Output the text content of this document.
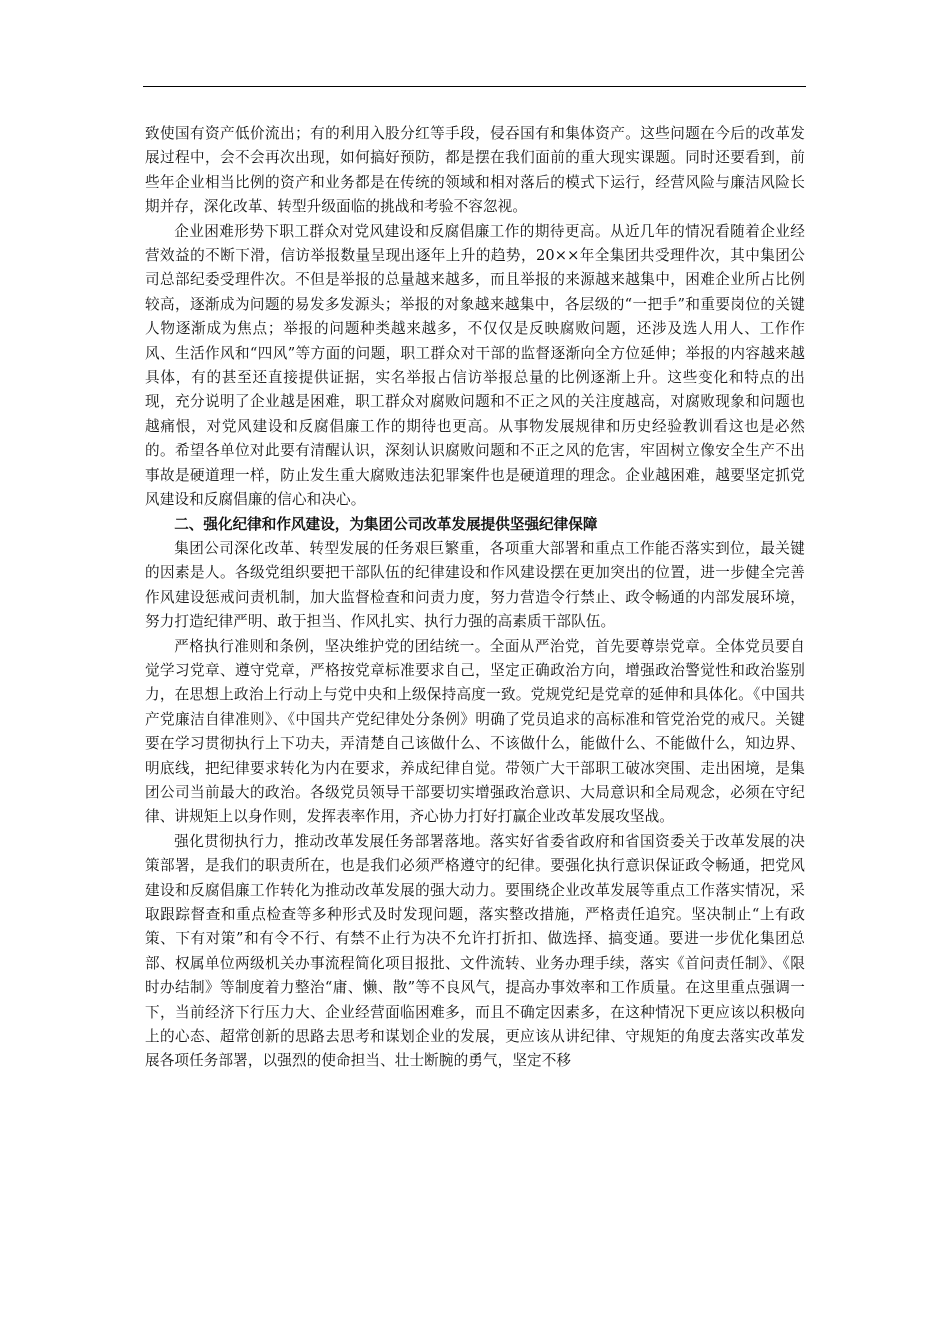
致使国有资产低价流出；有的利用入股分红等手段，侵吞国有和集体资产。这些问题在今后的改革发展过程中，会不会再次出现，如何搞好预防，都是摆在我们面前的重大现实课题。同时还要看到，前些年企业相当比例的资产和业务都是在传统的领域和相对落后的模式下运行，经营风险与廉洁风险长期并存，深化改革、转型升级面临的挑战和考验不容忽视。

企业困难形势下职工群众对党风建设和反腐倡廉工作的期待更高。从近几年的情况看随着企业经营效益的不断下滑，信访举报数量呈现出逐年上升的趋势，20××年全集团共受理件次，其中集团公司总部纪委受理件次。不但是举报的总量越来越多，而且举报的来源越来越集中，困难企业所占比例较高，逐渐成为问题的易发多发源头；举报的对象越来越集中，各层级的“一把手”和重要岗位的关键人物逐渐成为焦点；举报的问题种类越来越多，不仅仅是反映腐败问题，还涉及选人用人、工作作风、生活作风和“四风”等方面的问题，职工群众对干部的监督逐渐向全方位延伸；举报的内容越来越具体，有的甚至还直接提供证据，实名举报占信访举报总量的比例逐渐上升。这些变化和特点的出现，充分说明了企业越是困难，职工群众对腐败问题和不正之风的关注度越高，对腐败现象和问题也越痛恨，对党风建设和反腐倡廉工作的期待也更高。从事物发展规律和历史经验教训看这也是必然的。希望各单位对此要有清醒认识，深刻认识腐败问题和不正之风的危害，牢固树立像安全生产不出事故是硬道理一样，防止发生重大腐败违法犯罪案件也是硬道理的理念。企业越困难，越要坚定抓党风建设和反腐倡廉的信心和决心。

二、强化纪律和作风建设，为集团公司改革发展提供坚强纪律保障

集团公司深化改革、转型发展的任务艰巨繁重，各项重大部署和重点工作能否落实到位，最关键的因素是人。各级党组织要把干部队伍的纪律建设和作风建设摆在更加突出的位置，进一步健全完善作风建设惩戒问责机制，加大监督检查和问责力度，努力营造令行禁止、政令畅通的内部发展环境，努力打造纪律严明、敢于担当、作风扎实、执行力强的高素质干部队伍。

严格执行准则和条例，坚决维护党的团结统一。全面从严治党，首先要尊崇党章。全体党员要自觉学习党章、遵守党章，严格按党章标准要求自己，坚定正确政治方向，增强政治警觉性和政治鉴别力，在思想上政治上行动上与党中央和上级保持高度一致。党规党纪是党章的延伸和具体化。《中国共产党廉洁自律准则》、《中国共产党纪律处分条例》明确了党员追求的高标准和管党治党的戒尺。关键要在学习贯彻执行上下功夫，弄清楚自己该做什么、不该做什么，能做什么、不能做什么，知边界、明底线，把纪律要求转化为内在要求，养成纪律自觉。带领广大干部职工破冰突围、走出困境，是集团公司当前最大的政治。各级党员领导干部要切实增强政治意识、大局意识和全局观念，必须在守纪律、讲规矩上以身作则，发挥表率作用，齐心协力打好打赢企业改革发展攻坚战。

强化贯彻执行力，推动改革发展任务部署落地。落实好省委省政府和省国资委关于改革发展的决策部署，是我们的职责所在，也是我们必须严格遵守的纪律。要强化执行意识保证政令畅通，把党风建设和反腐倡廉工作转化为推动改革发展的强大动力。要围绕企业改革发展等重点工作落实情况，采取跟踪督查和重点检查等多种形式及时发现问题，落实整改措施，严格责任追究。坚决制止“上有政策、下有对策”和有令不行、有禁不止行为决不允许打折扣、做选择、搞变通。要进一步优化集团总部、权属单位两级机关办事流程简化项目报批、文件流转、业务办理手续，落实《首问责任制》、《限时办结制》等制度着力整治“庸、懒、散”等不良风气，提高办事效率和工作质量。在这里重点强调一下，当前经济下行压力大、企业经营面临困难多，而且不确定因素多，在这种情况下更应该以积极向上的心态、超常创新的思路去思考和谋划企业的发展，更应该从讲纪律、守规矩的角度去落实改革发展各项任务部署，以强烈的使命担当、壮士断腕的勇气，坚定不移
